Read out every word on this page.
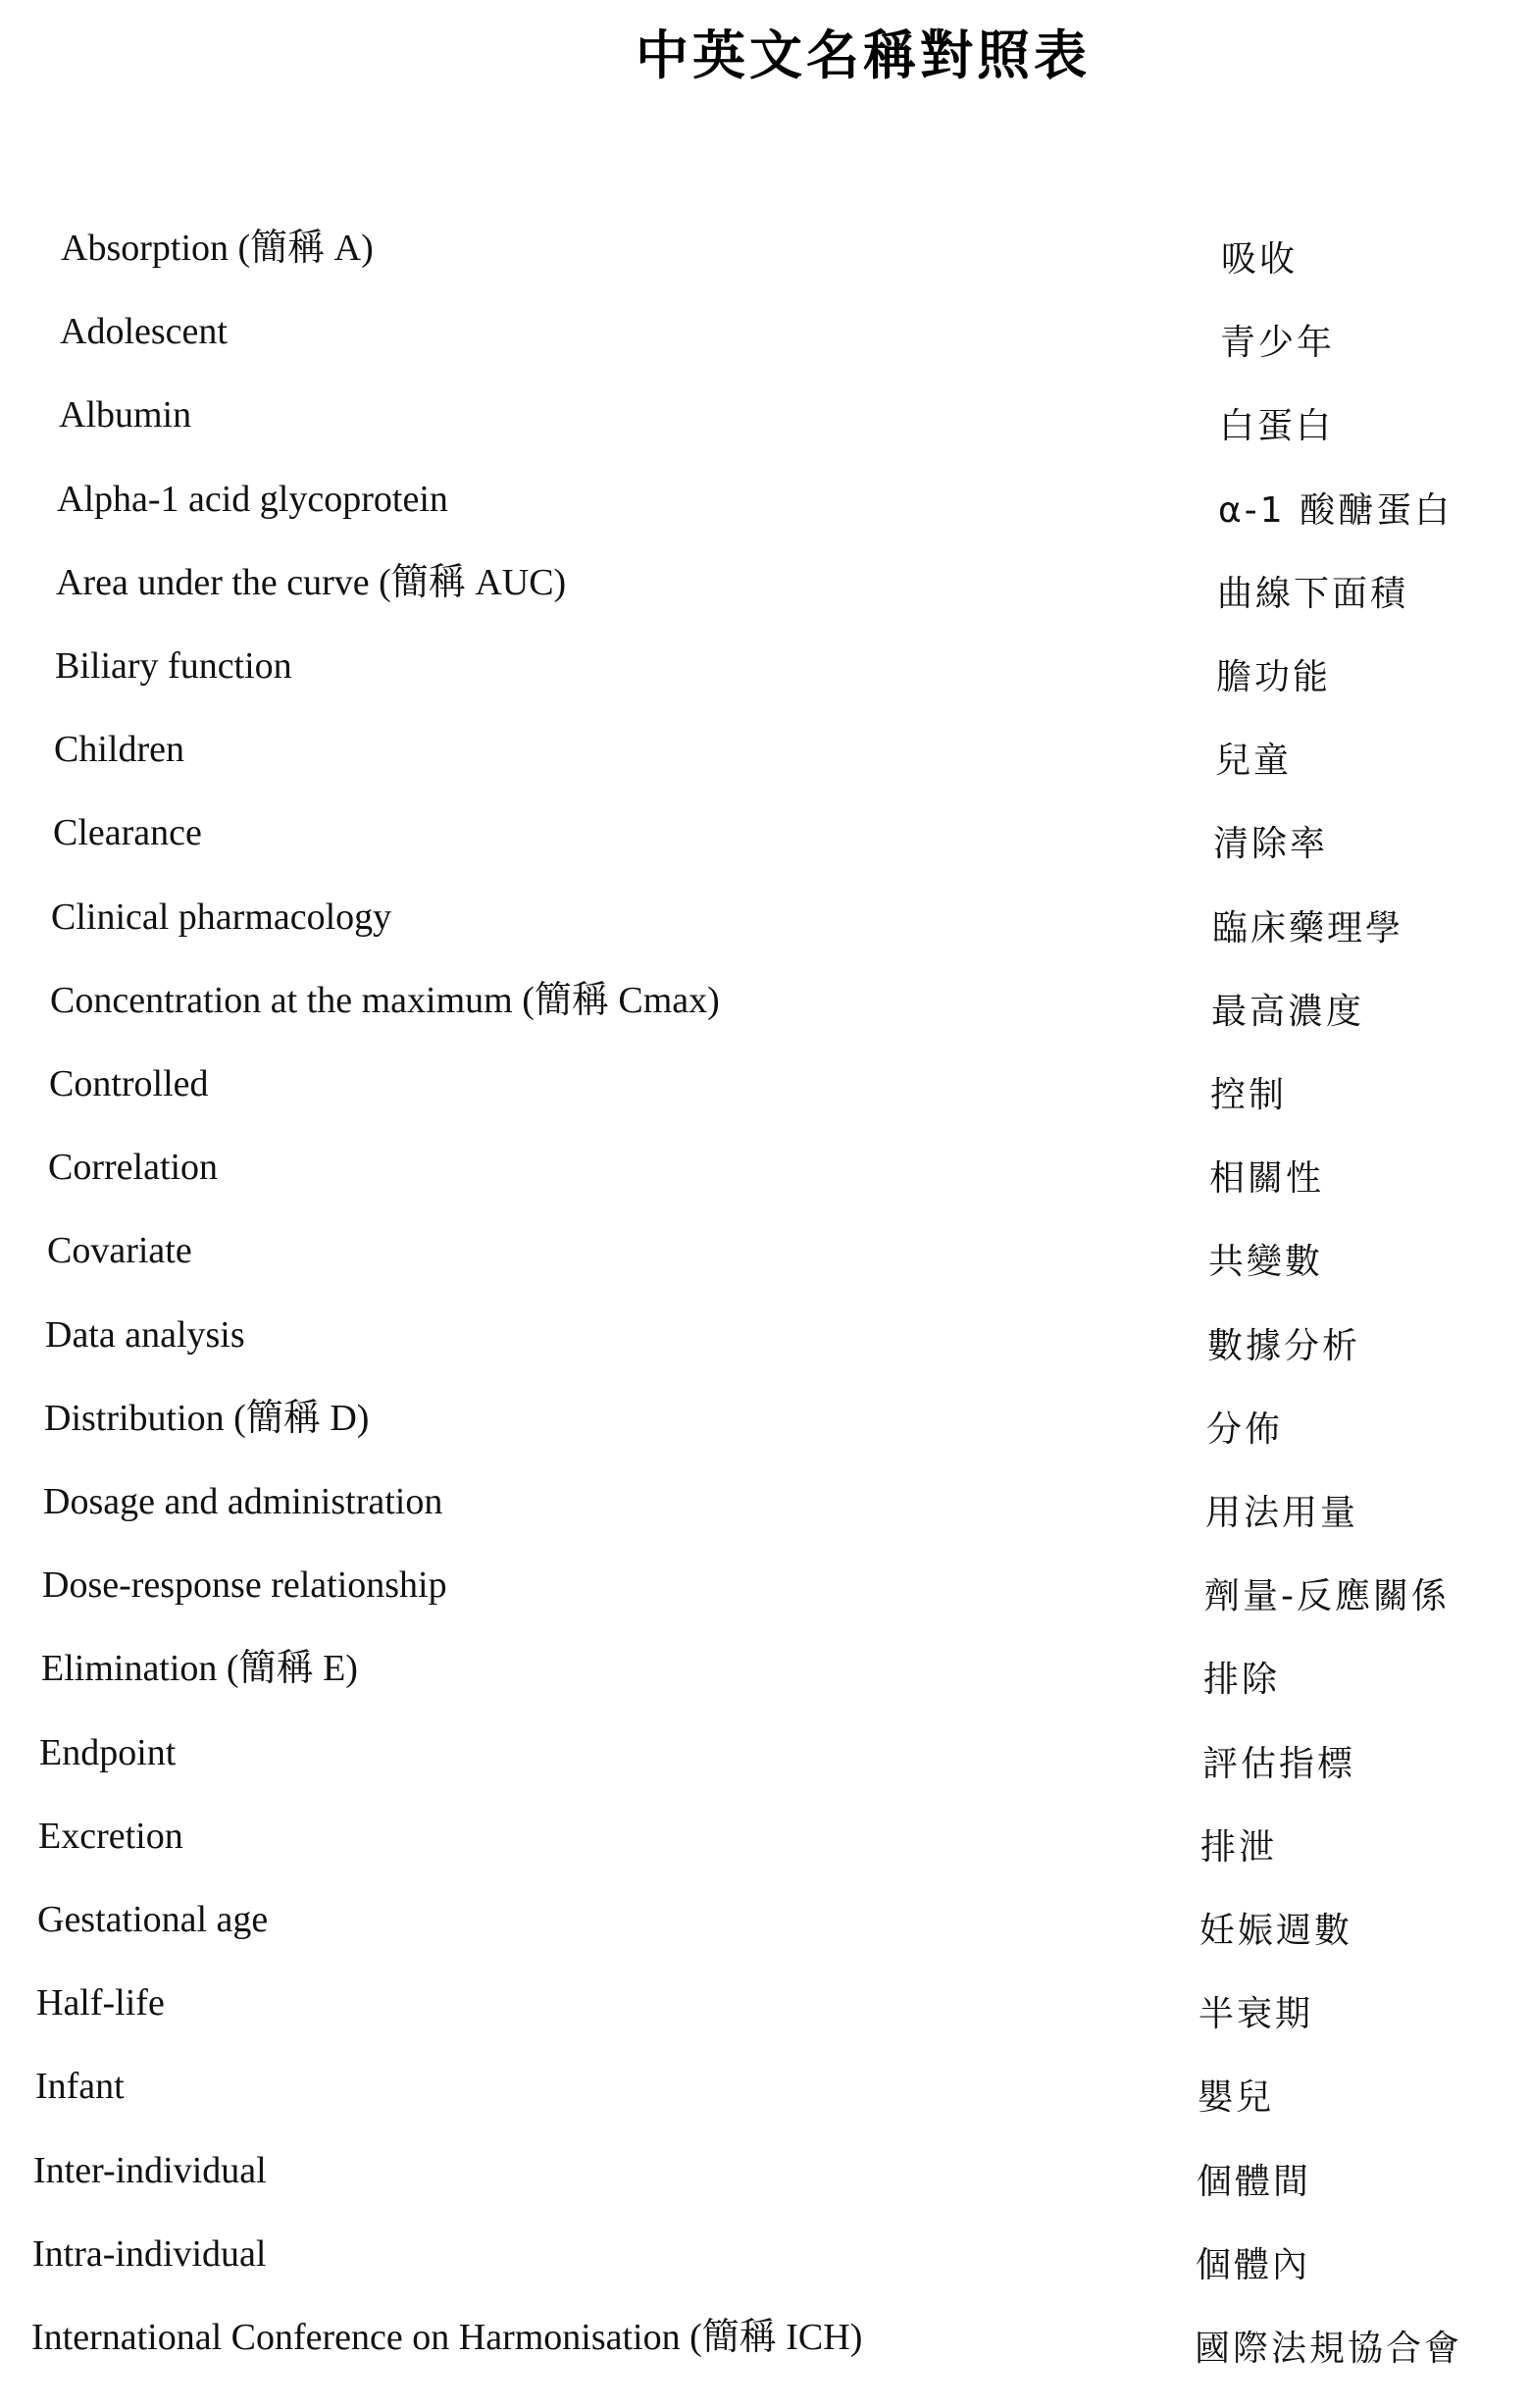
中英文名稱對照表
Absorption (簡稱 A)	吸收
Adolescent	青少年
Albumin	白蛋白
Alpha-1 acid glycoprotein	α-1 酸醣蛋白
Area under the curve (簡稱 AUC)	曲線下面積
Biliary function	膽功能
Children	兒童
Clearance	清除率
Clinical pharmacology	臨床藥理學
Concentration at the maximum (簡稱 Cmax)	最高濃度
Controlled	控制
Correlation	相關性
Covariate	共變數
Data analysis	數據分析
Distribution (簡稱 D)	分佈
Dosage and administration	用法用量
Dose-response relationship	劑量-反應關係
Elimination (簡稱 E)	排除
Endpoint	評估指標
Excretion	排泄
Gestational age	妊娠週數
Half-life	半衰期
Infant	嬰兒
Inter-individual	個體間
Intra-individual	個體內
International Conference on Harmonisation (簡稱 ICH)	國際法規協合會
